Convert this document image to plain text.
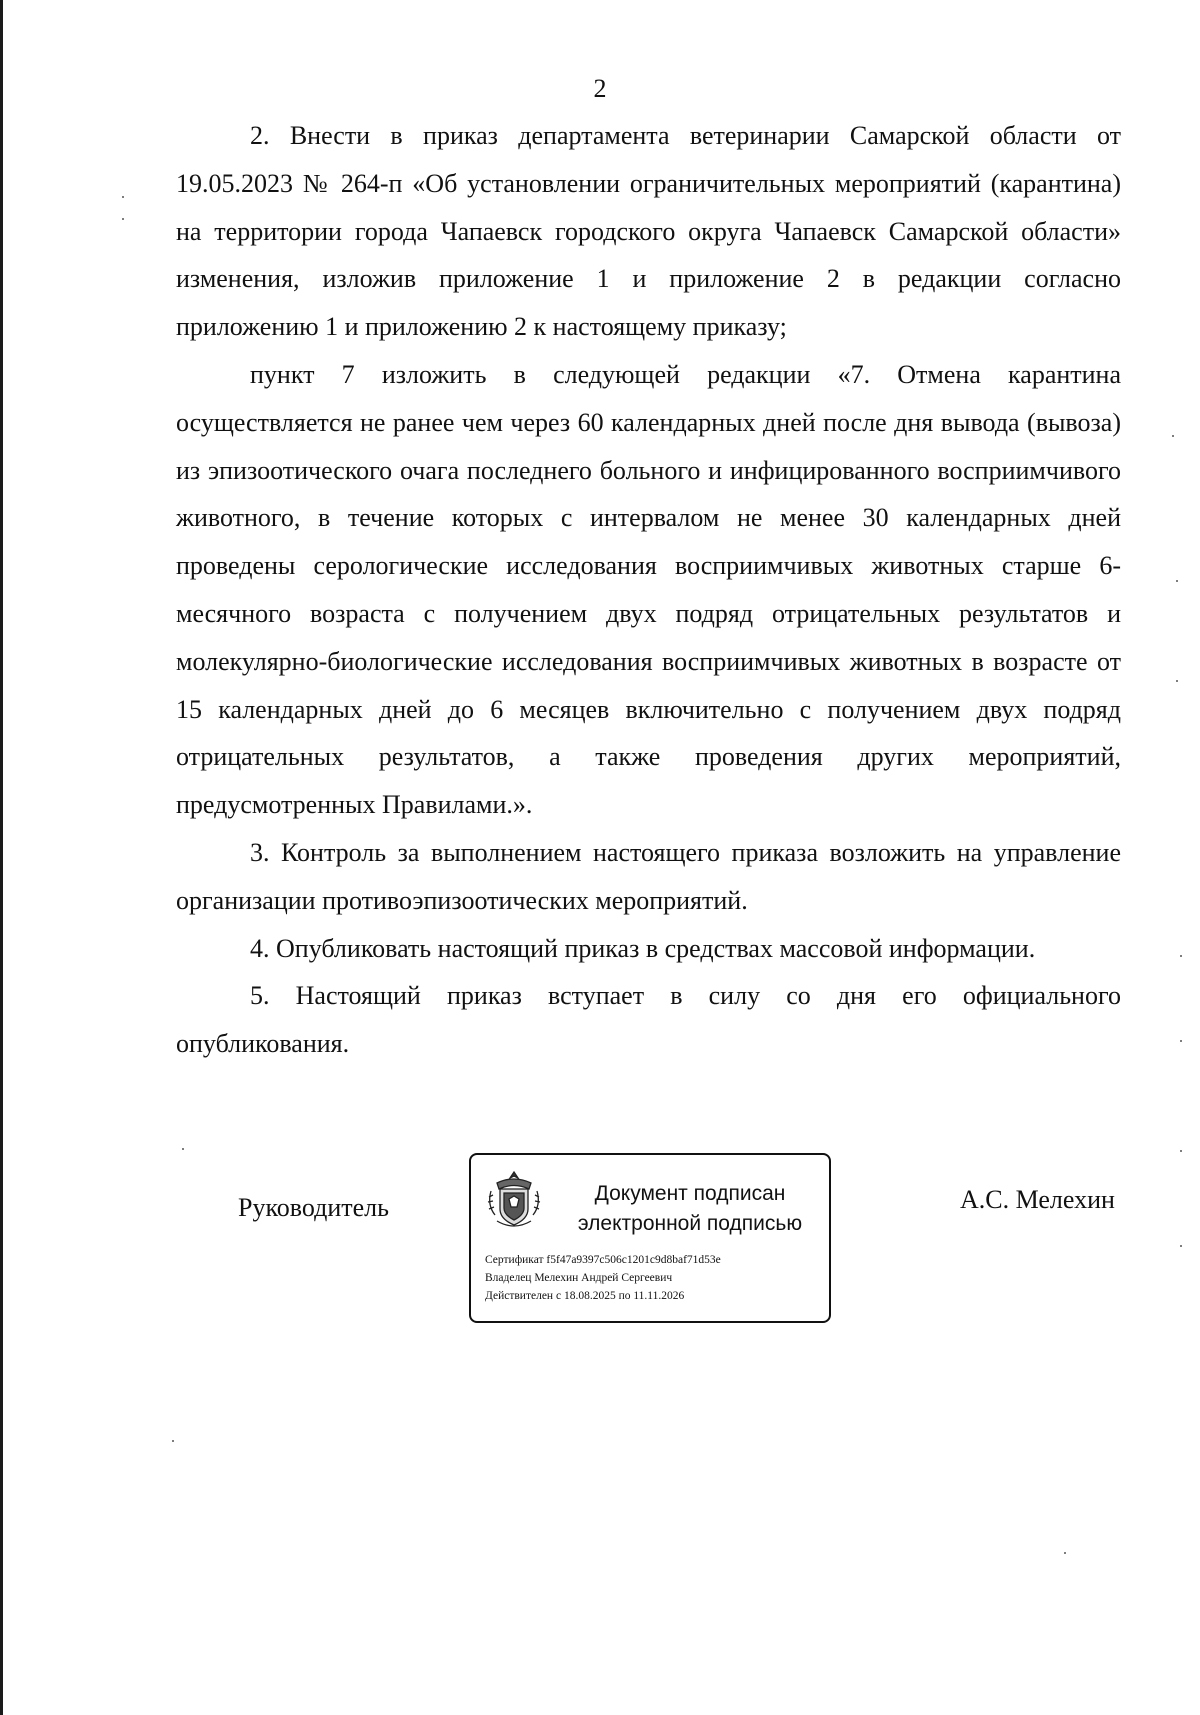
2

2. Внести в приказ департамента ветеринарии Самарской области от 19.05.2023 № 264-п «Об установлении ограничительных мероприятий (карантина) на территории города Чапаевск городского округа Чапаевск Самарской области» изменения, изложив приложение 1 и приложение 2 в редакции согласно приложению 1 и приложению 2 к настоящему приказу;

пункт 7 изложить в следующей редакции «7. Отмена карантина осуществляется не ранее чем через 60 календарных дней после дня вывода (вывоза) из эпизоотического очага последнего больного и инфицированного восприимчивого животного, в течение которых с интервалом не менее 30 календарных дней проведены серологические исследования восприимчивых животных старше 6-месячного возраста с получением двух подряд отрицательных результатов и молекулярно-биологические исследования восприимчивых животных в возрасте от 15 календарных дней до 6 месяцев включительно с получением двух подряд отрицательных результатов, а также проведения других мероприятий, предусмотренных Правилами.».

3. Контроль за выполнением настоящего приказа возложить на управление организации противоэпизоотических мероприятий.

4. Опубликовать настоящий приказ в средствах массовой информации.

5. Настоящий приказ вступает в силу со дня его официального опубликования.

Руководитель	Документ подписан
электронной подписью
Сертификат f5f47a9397c506c1201c9d8baf71d53e
Владелец Мелехин Андрей Сергеевич
Действителен с 18.08.2025 по 11.11.2026
А.С. Мелехин
